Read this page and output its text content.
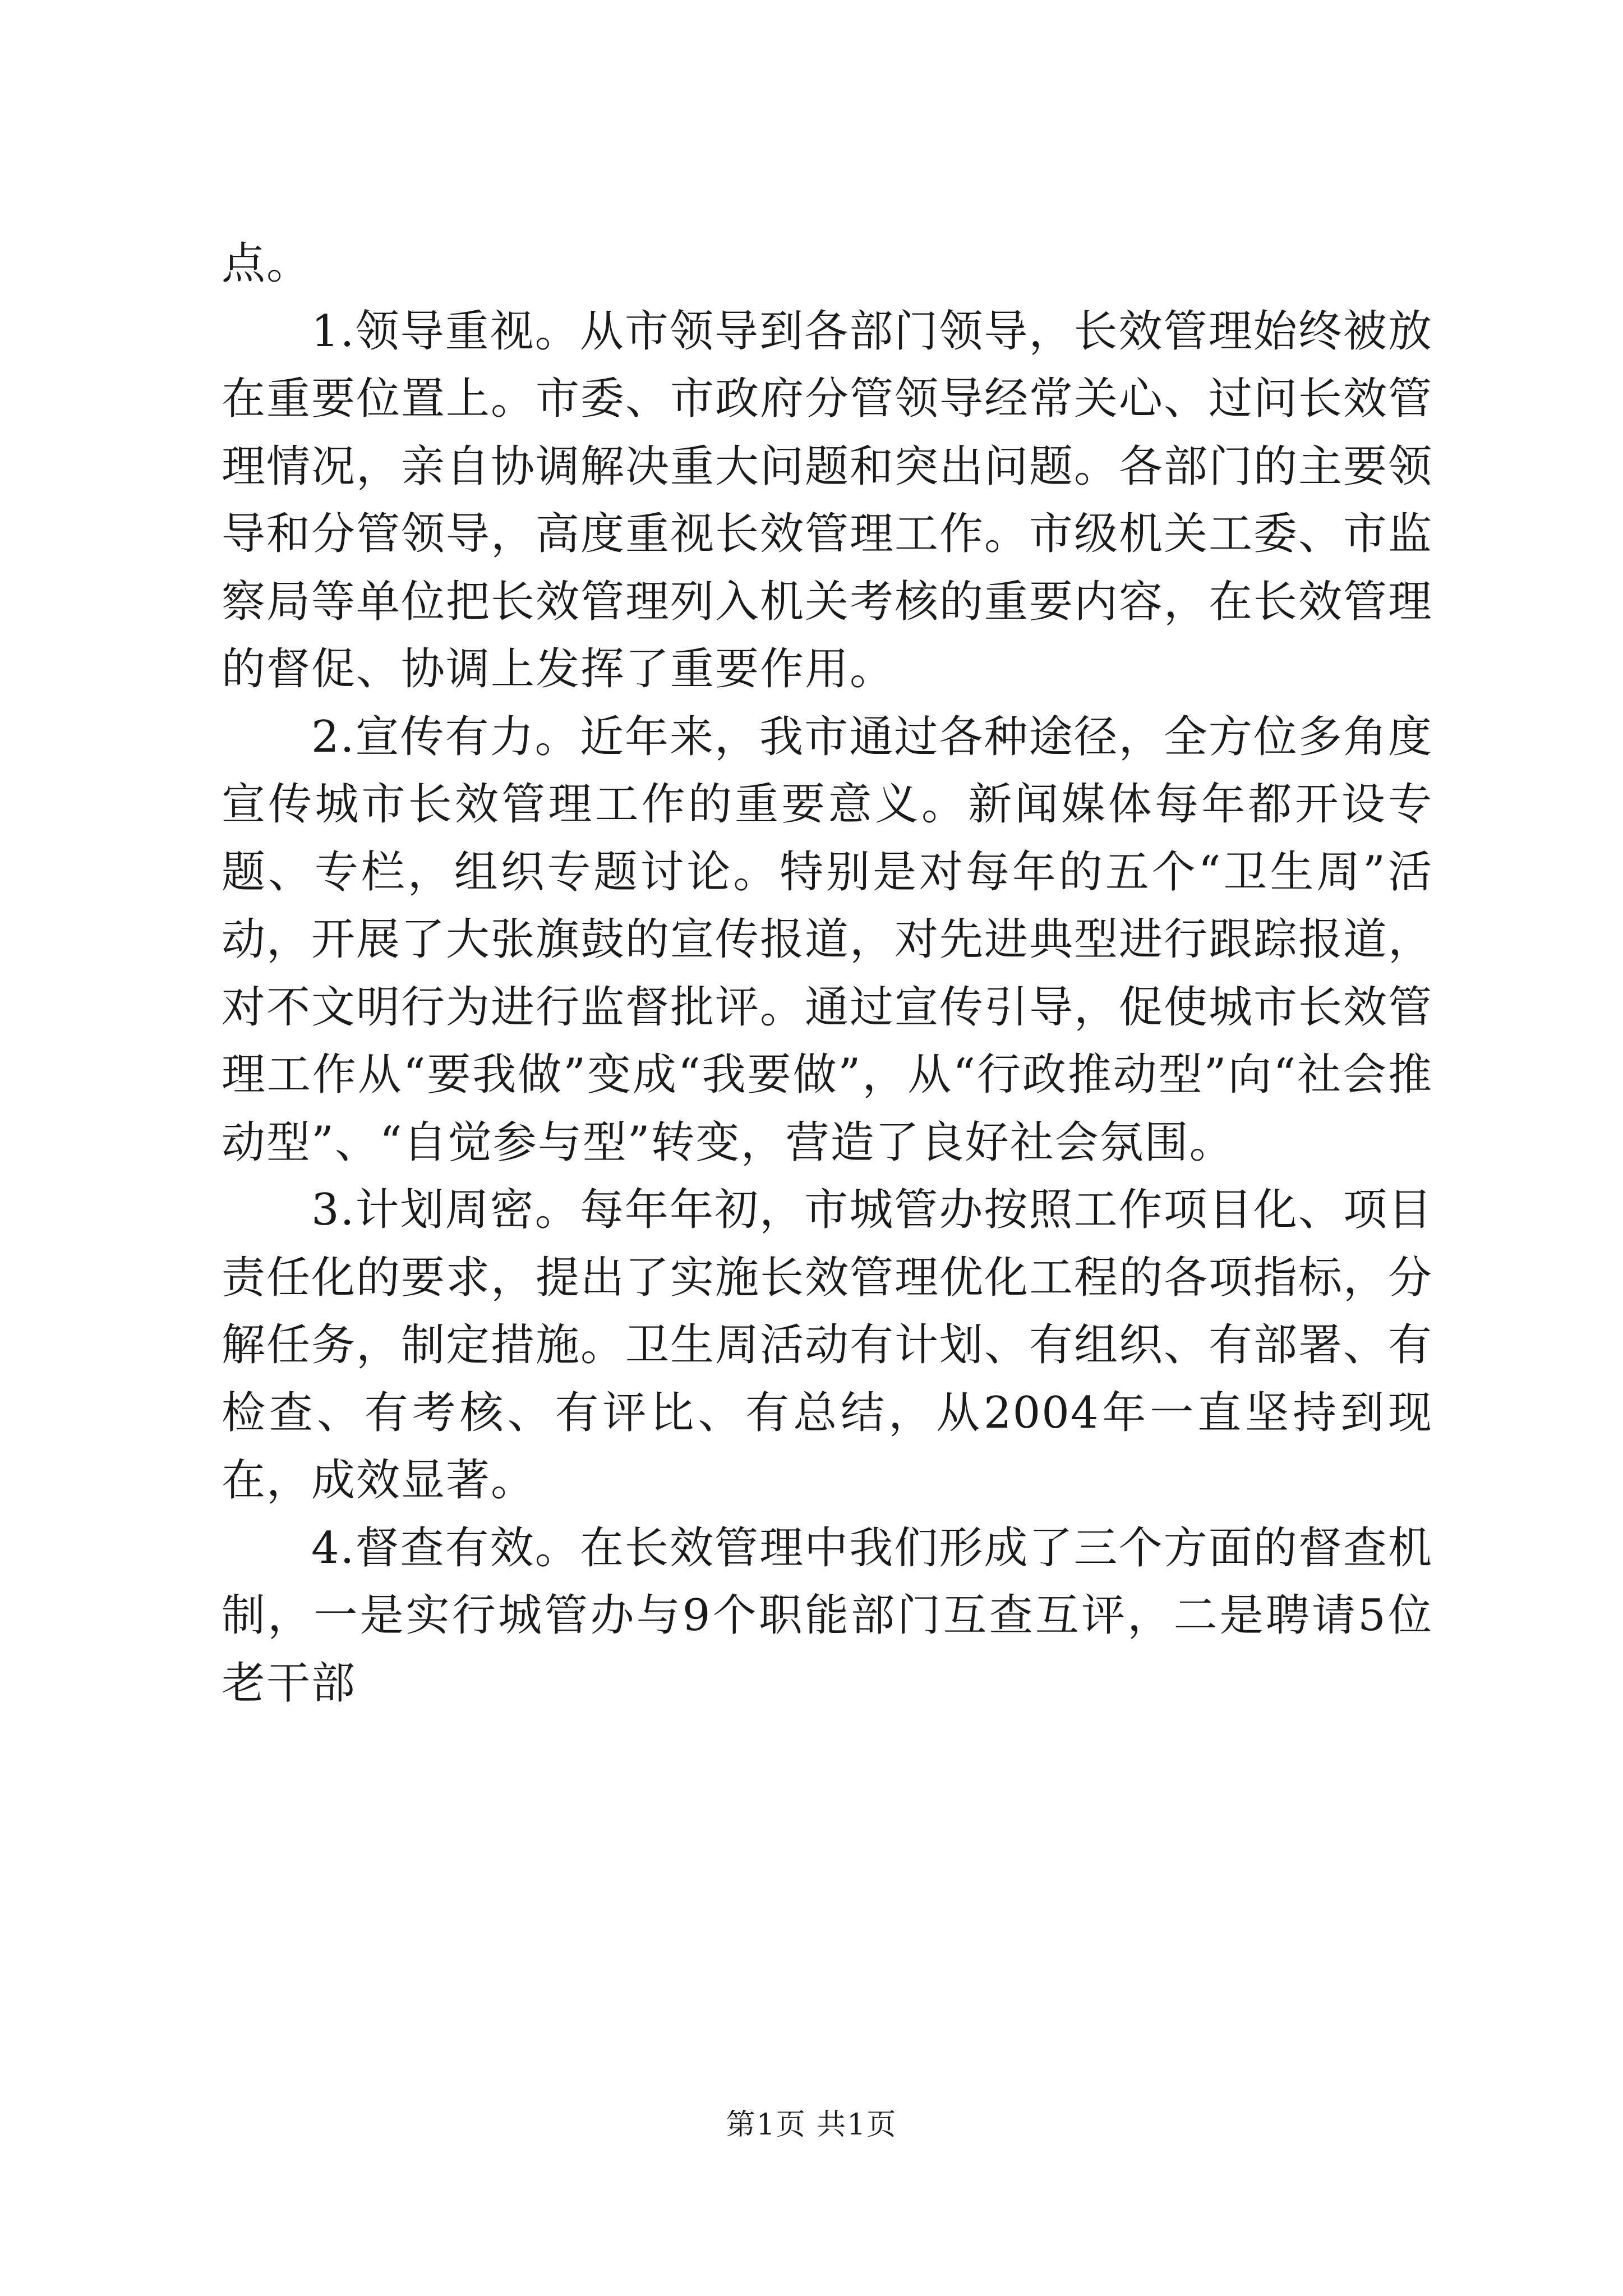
点。

1.领导重视。从市领导到各部门领导，长效管理始终被放在重要位置上。市委、市政府分管领导经常关心、过问长效管理情况，亲自协调解决重大问题和突出问题。各部门的主要领导和分管领导，高度重视长效管理工作。市级机关工委、市监察局等单位把长效管理列入机关考核的重要内容，在长效管理的督促、协调上发挥了重要作用。

2.宣传有力。近年来，我市通过各种途径，全方位多角度宣传城市长效管理工作的重要意义。新闻媒体每年都开设专题、专栏，组织专题讨论。特别是对每年的五个“卫生周”活动，开展了大张旗鼓的宣传报道，对先进典型进行跟踪报道，对不文明行为进行监督批评。通过宣传引导，促使城市长效管理工作从“要我做”变成“我要做”，从“行政推动型”向“社会推动型”、“自觉参与型”转变，营造了良好社会氛围。

3.计划周密。每年年初，市城管办按照工作项目化、项目责任化的要求，提出了实施长效管理优化工程的各项指标，分解任务，制定措施。卫生周活动有计划、有组织、有部署、有检查、有考核、有评比、有总结，从2004年一直坚持到现在，成效显著。

4.督查有效。在长效管理中我们形成了三个方面的督查机制，一是实行城管办与9个职能部门互查互评，二是聘请5位老干部

第1页 共1页
